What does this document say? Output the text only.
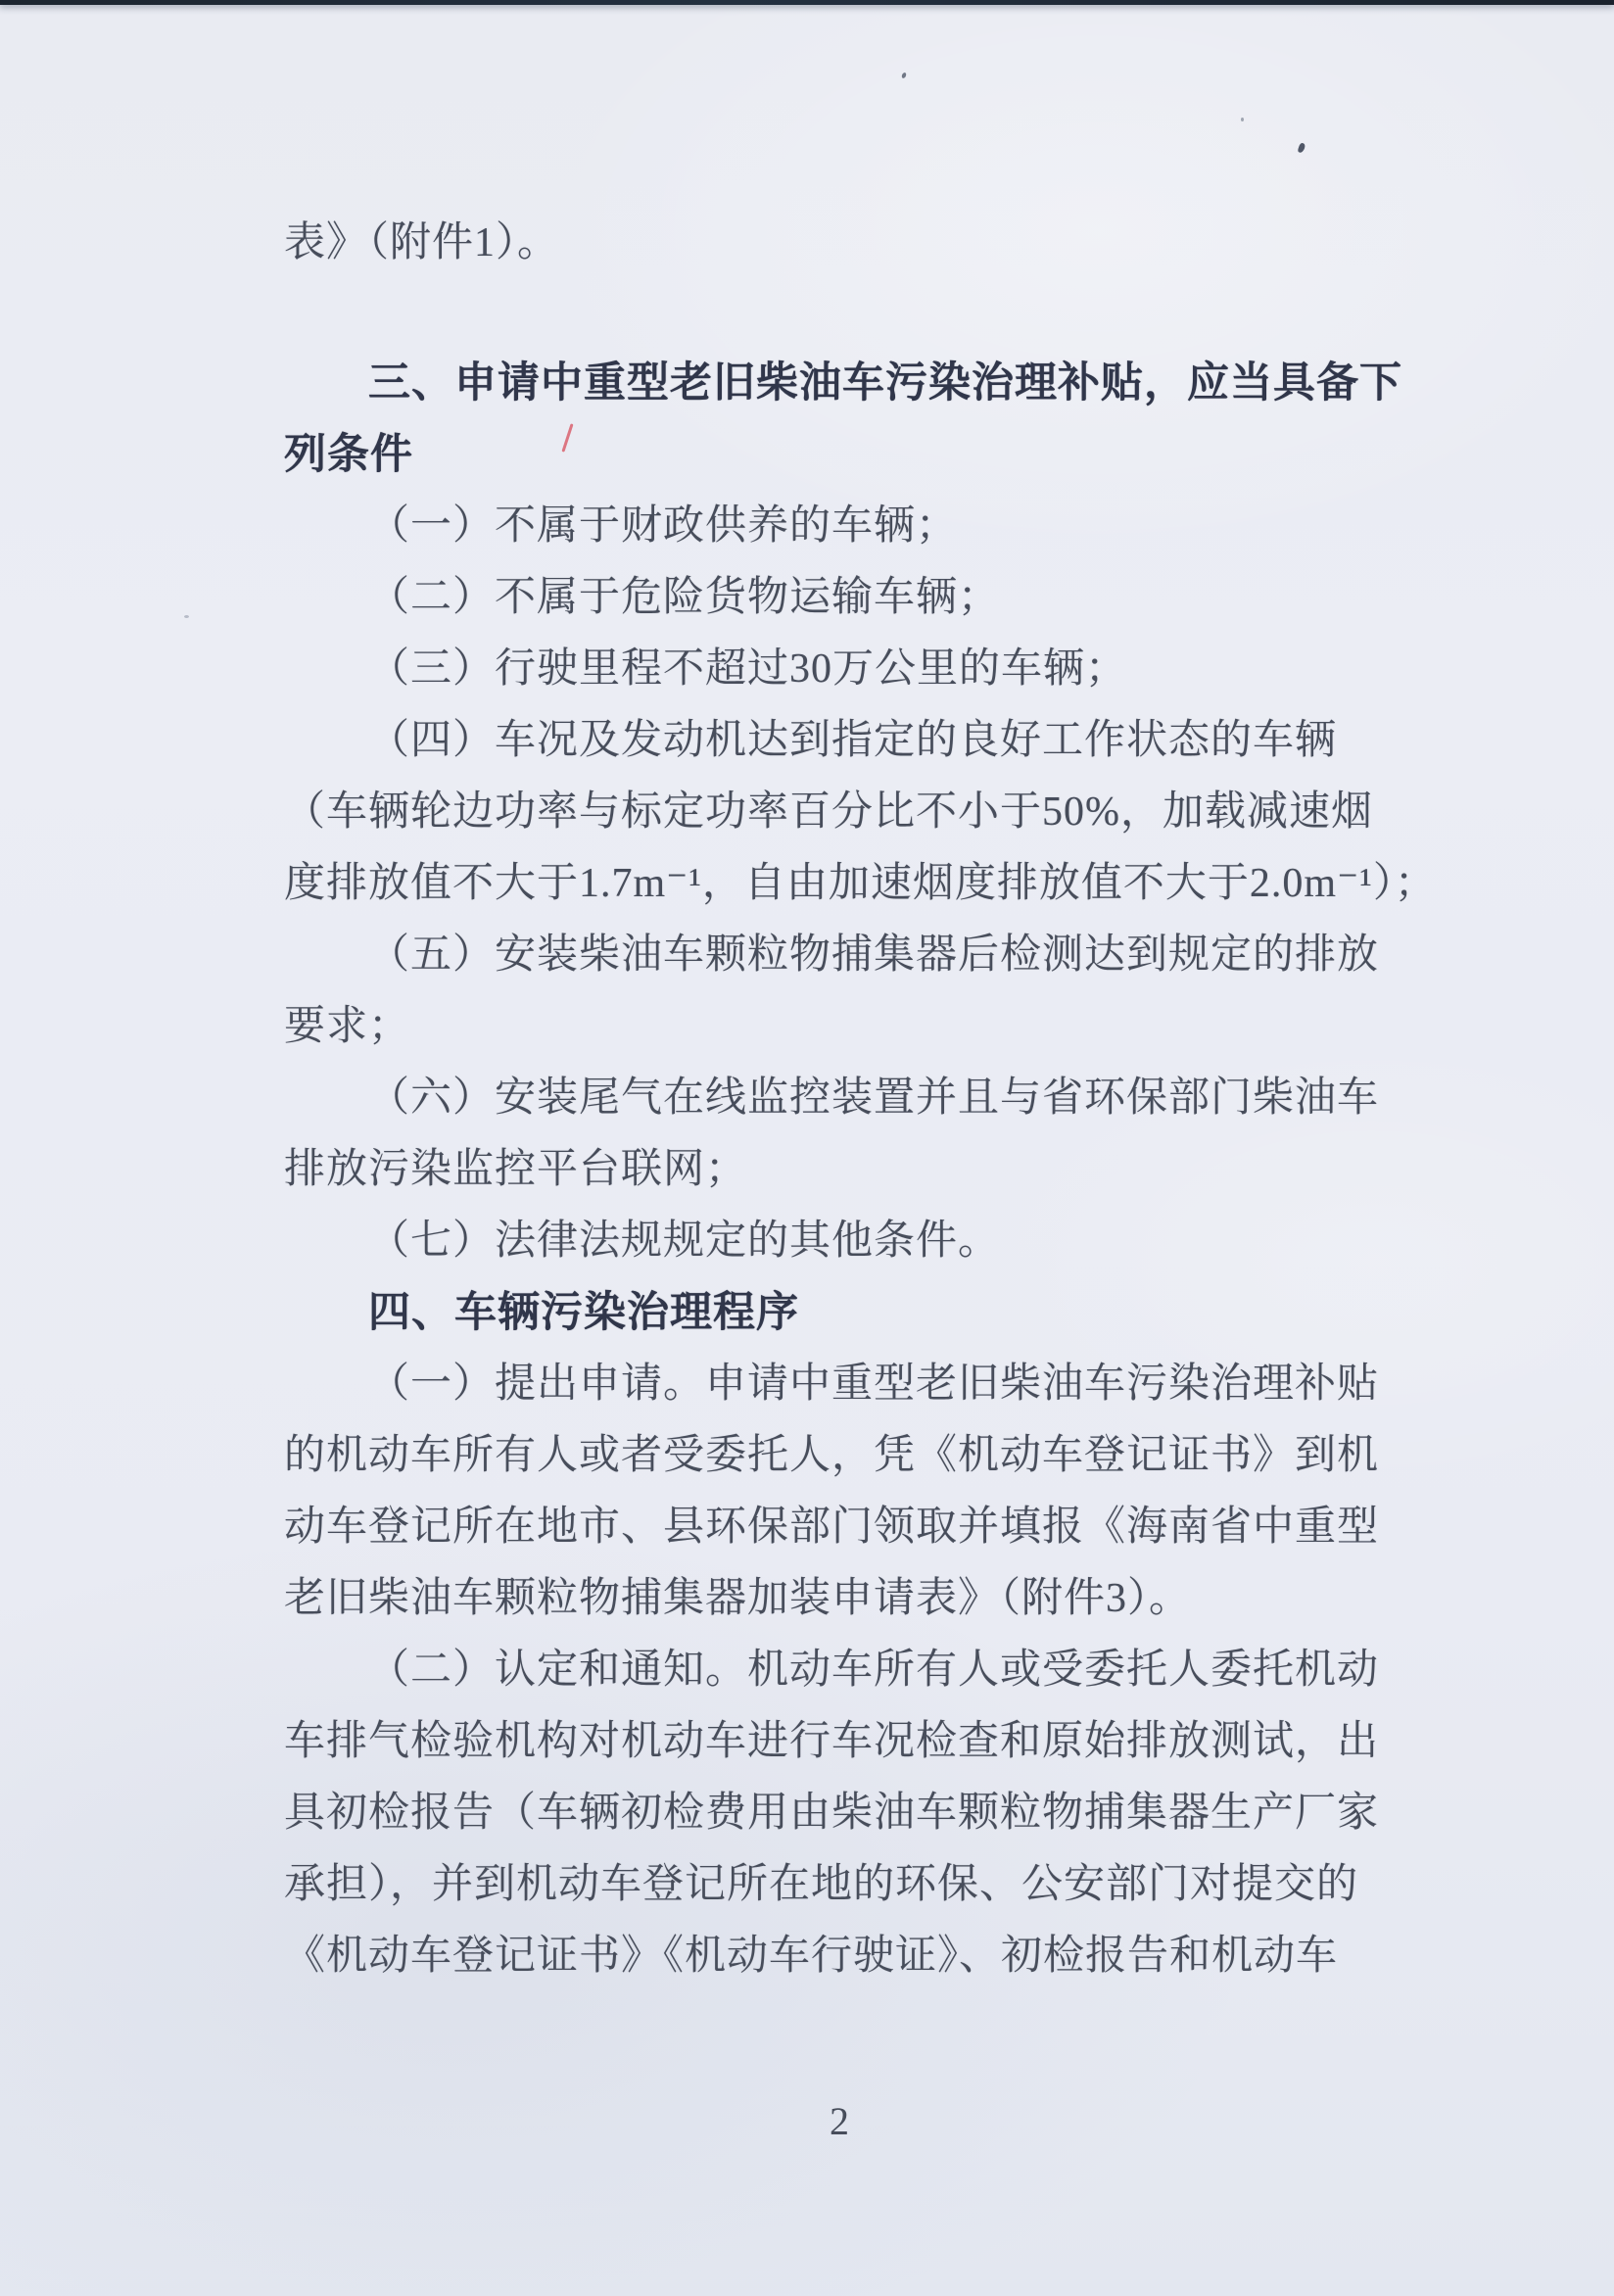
表》（附件1）。
三、申请中重型老旧柴油车污染治理补贴，应当具备下
列条件
（一）不属于财政供养的车辆；
（二）不属于危险货物运输车辆；
（三）行驶里程不超过30万公里的车辆；
（四）车况及发动机达到指定的良好工作状态的车辆
（车辆轮边功率与标定功率百分比不小于50%，加载减速烟
度排放值不大于1.7m⁻¹，自由加速烟度排放值不大于2.0m⁻¹）；
（五）安装柴油车颗粒物捕集器后检测达到规定的排放
要求；
（六）安装尾气在线监控装置并且与省环保部门柴油车
排放污染监控平台联网；
（七）法律法规规定的其他条件。
四、车辆污染治理程序
（一）提出申请。申请中重型老旧柴油车污染治理补贴
的机动车所有人或者受委托人，凭《机动车登记证书》到机
动车登记所在地市、县环保部门领取并填报《海南省中重型
老旧柴油车颗粒物捕集器加装申请表》（附件3）。
（二）认定和通知。机动车所有人或受委托人委托机动
车排气检验机构对机动车进行车况检查和原始排放测试，出
具初检报告（车辆初检费用由柴油车颗粒物捕集器生产厂家
承担），并到机动车登记所在地的环保、公安部门对提交的
《机动车登记证书》《机动车行驶证》、初检报告和机动车
2
